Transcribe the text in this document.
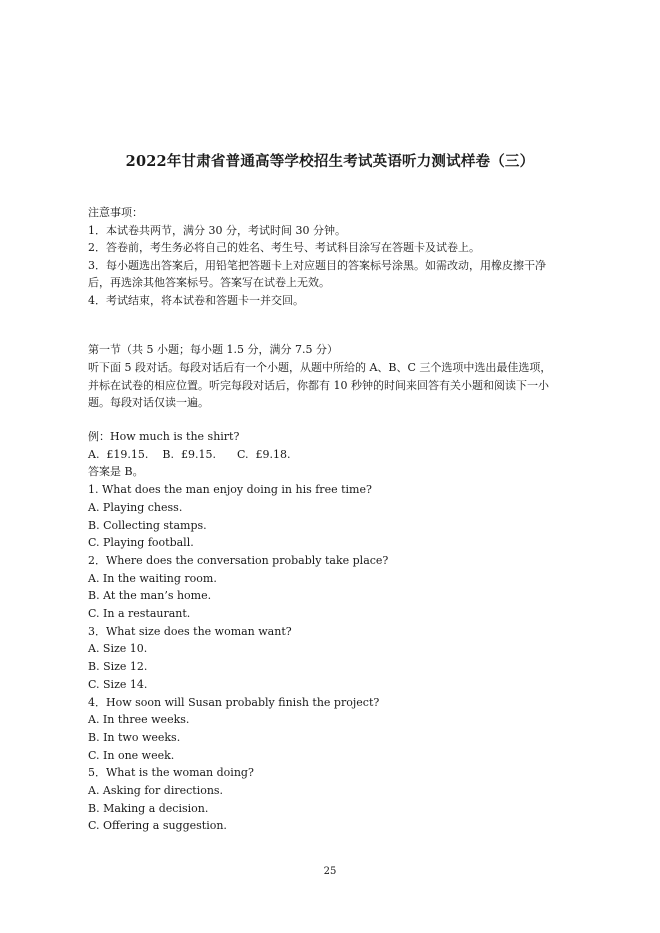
2022年甘肃省普通高等学校招生考试英语听力测试样卷（三）
注意事项：
1．本试卷共两节，满分 30 分，考试时间 30 分钟。
2．答卷前，考生务必将自己的姓名、考生号、考试科目涂写在答题卡及试卷上。
3．每小题选出答案后，用铅笔把答题卡上对应题目的答案标号涂黑。如需改动，用橡皮擦干净
后，再选涂其他答案标号。答案写在试卷上无效。
4．考试结束，将本试卷和答题卡一并交回。
第一节（共 5 小题；每小题 1.5 分，满分 7.5 分）
听下面 5 段对话。每段对话后有一个小题，从题中所给的 A、B、C 三个选项中选出最佳选项，
并标在试卷的相应位置。听完每段对话后，你都有 10 秒钟的时间来回答有关小题和阅读下一小
题。每段对话仅读一遍。
例：How much is the shirt?
A.  £19.15.    B.  £9.15.      C.  £9.18.
答案是 B。
1. What does the man enjoy doing in his free time?
A. Playing chess.
B. Collecting stamps.
C. Playing football.
2．Where does the conversation probably take place?
A. In the waiting room.
B. At the man’s home.
C. In a restaurant.
3．What size does the woman want?
A. Size 10.
B. Size 12.
C. Size 14.
4．How soon will Susan probably finish the project?
A. In three weeks.
B. In two weeks.
C. In one week.
5．What is the woman doing?
A. Asking for directions.
B. Making a decision.
C. Offering a suggestion.
25
